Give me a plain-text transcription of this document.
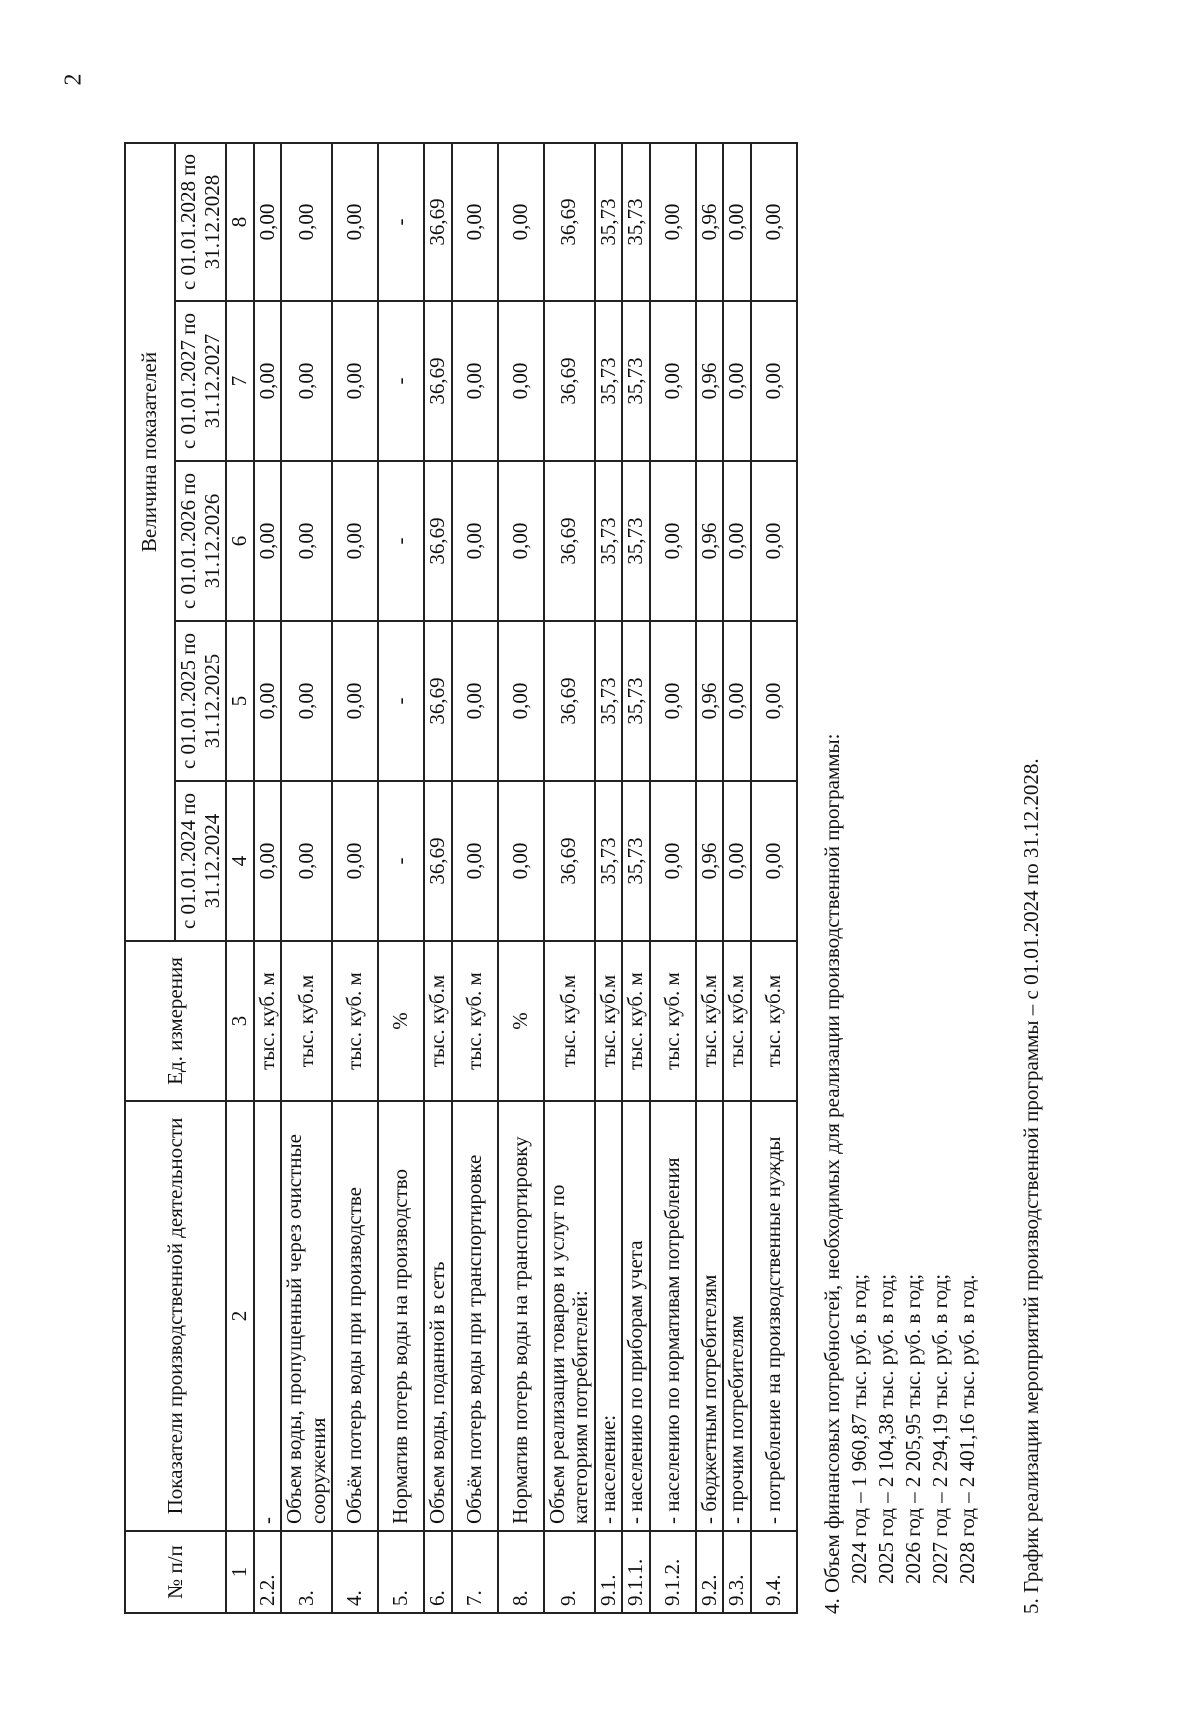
2
№ п/п	Показатели производственной деятельности	Ед. измерения	Величина показателей				
			с 01.01.2024 по 31.12.2024	с 01.01.2025 по 31.12.2025	с 01.01.2026 по 31.12.2026	с 01.01.2027 по 31.12.2027	с 01.01.2028 по 31.12.2028
1	2	3	4	5	6	7	8
2.2.	-	тыс. куб. м	0,00	0,00	0,00	0,00	0,00
3.	Объем воды, пропущенный через очистные сооружения	тыс. куб.м	0,00	0,00	0,00	0,00	0,00
4.	Объём потерь воды при производстве	тыс. куб. м	0,00	0,00	0,00	0,00	0,00
5.	Норматив потерь воды на производство	%	-	-	-	-	-
6.	Объем воды, поданной в сеть	тыс. куб.м	36,69	36,69	36,69	36,69	36,69
7.	Объём потерь воды при транспортировке	тыс. куб. м	0,00	0,00	0,00	0,00	0,00
8.	Норматив потерь воды на транспортировку	%	0,00	0,00	0,00	0,00	0,00
9.	Объем реализации товаров и услуг по категориям потребителей:	тыс. куб.м	36,69	36,69	36,69	36,69	36,69
9.1.	- население:	тыс. куб.м	35,73	35,73	35,73	35,73	35,73
9.1.1.	- населению по приборам учета	тыс. куб. м	35,73	35,73	35,73	35,73	35,73
9.1.2.	- населению по нормативам потребления	тыс. куб. м	0,00	0,00	0,00	0,00	0,00
9.2.	- бюджетным потребителям	тыс. куб.м	0,96	0,96	0,96	0,96	0,96
9.3.	- прочим потребителям	тыс. куб.м	0,00	0,00	0,00	0,00	0,00
9.4.	- потребление на производственные нужды	тыс. куб.м	0,00	0,00	0,00	0,00	0,00

4. Объем финансовых потребностей, необходимых для реализации производственной программы: 2024 год – 1 960,87 тыс. руб. в год; 2025 год – 2 104,38 тыс. руб. в год; 2026 год – 2 205,95 тыс. руб. в год; 2027 год – 2 294,19 тыс. руб. в год; 2028 год – 2 401,16 тыс. руб. в год. 5. График реализации мероприятий производственной программы – с 01.01.2024 по 31.12.2028.
